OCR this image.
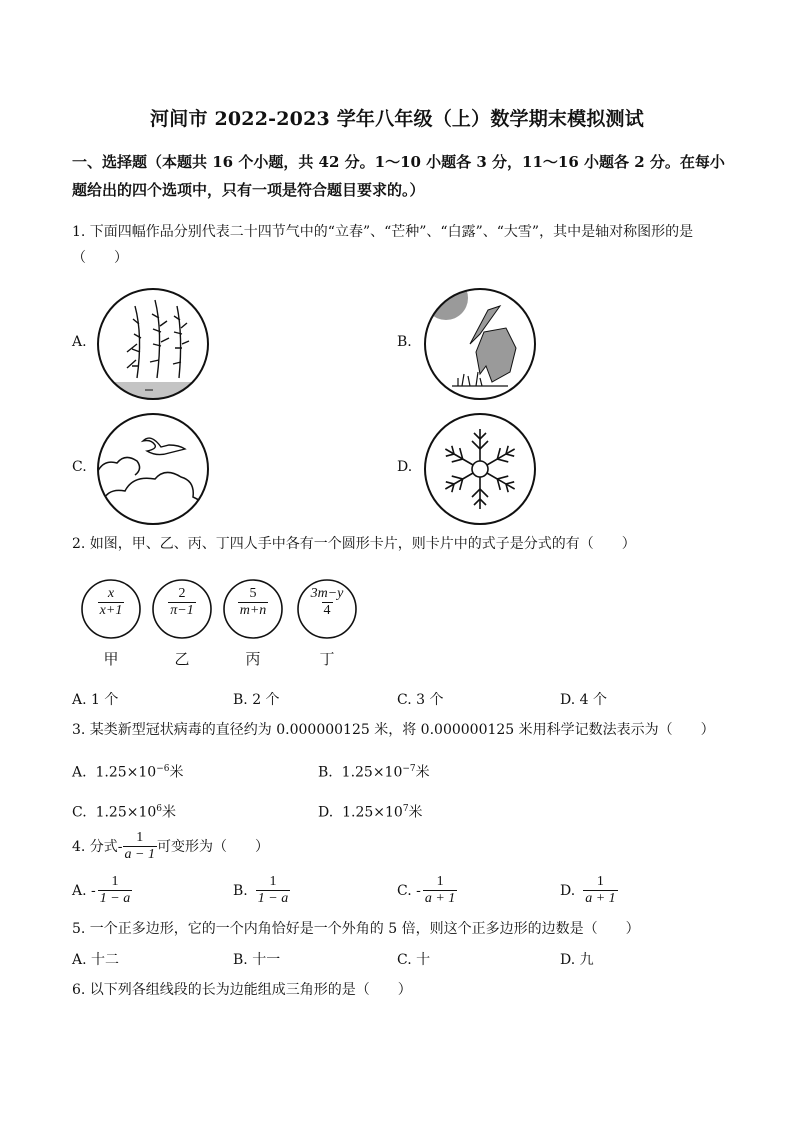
河间市 2022-2023 学年八年级（上）数学期末模拟测试
一、选择题（本题共 16 个小题，共 42 分。1～10 小题各 3 分，11～16 小题各 2 分。在每小
题给出的四个选项中，只有一项是符合题目要求的。）
1. 下面四幅作品分别代表二十四节气中的“立春”、“芒种”、“白露”、“大雪”，其中是轴对称图形的是
（　　）
A.	B.
C.	D.
2. 如图，甲、乙、丙、丁四人手中各有一个圆形卡片，则卡片中的式子是分式的有（　　）
$\frac{x}{x+1}$
甲
$\frac{2}{\pi-1}$
乙
$\frac{5}{m+n}$
丙
$\frac{3m-y}{4}$
丁
A. 1 个	B. 2 个	C. 3 个	D. 4 个
3. 某类新型冠状病毒的直径约为 0.000000125 米，将 0.000000125 米用科学记数法表示为（　　）
A. $1.25\times 10^{-6}$米	B. $1.25\times 10^{-7}$米
C. $1.25\times 10^6$米	D. $1.25\times 10^7$米
4. 分式- $\frac{1}{a - 1}$ 可变形为（　　）
A. - $\frac{1}{1 - a}$	B. $\frac{1}{1 - a}$	C. - $\frac{1}{a + 1}$	D. $\frac{1}{a + 1}$
5. 一个正多边形，它的一个内角恰好是一个外角的 5 倍，则这个正多边形的边数是（　　）
A. 十二	B. 十一	C. 十	D. 九
6. 以下列各组线段的长为边能组成三角形的是（　　）
